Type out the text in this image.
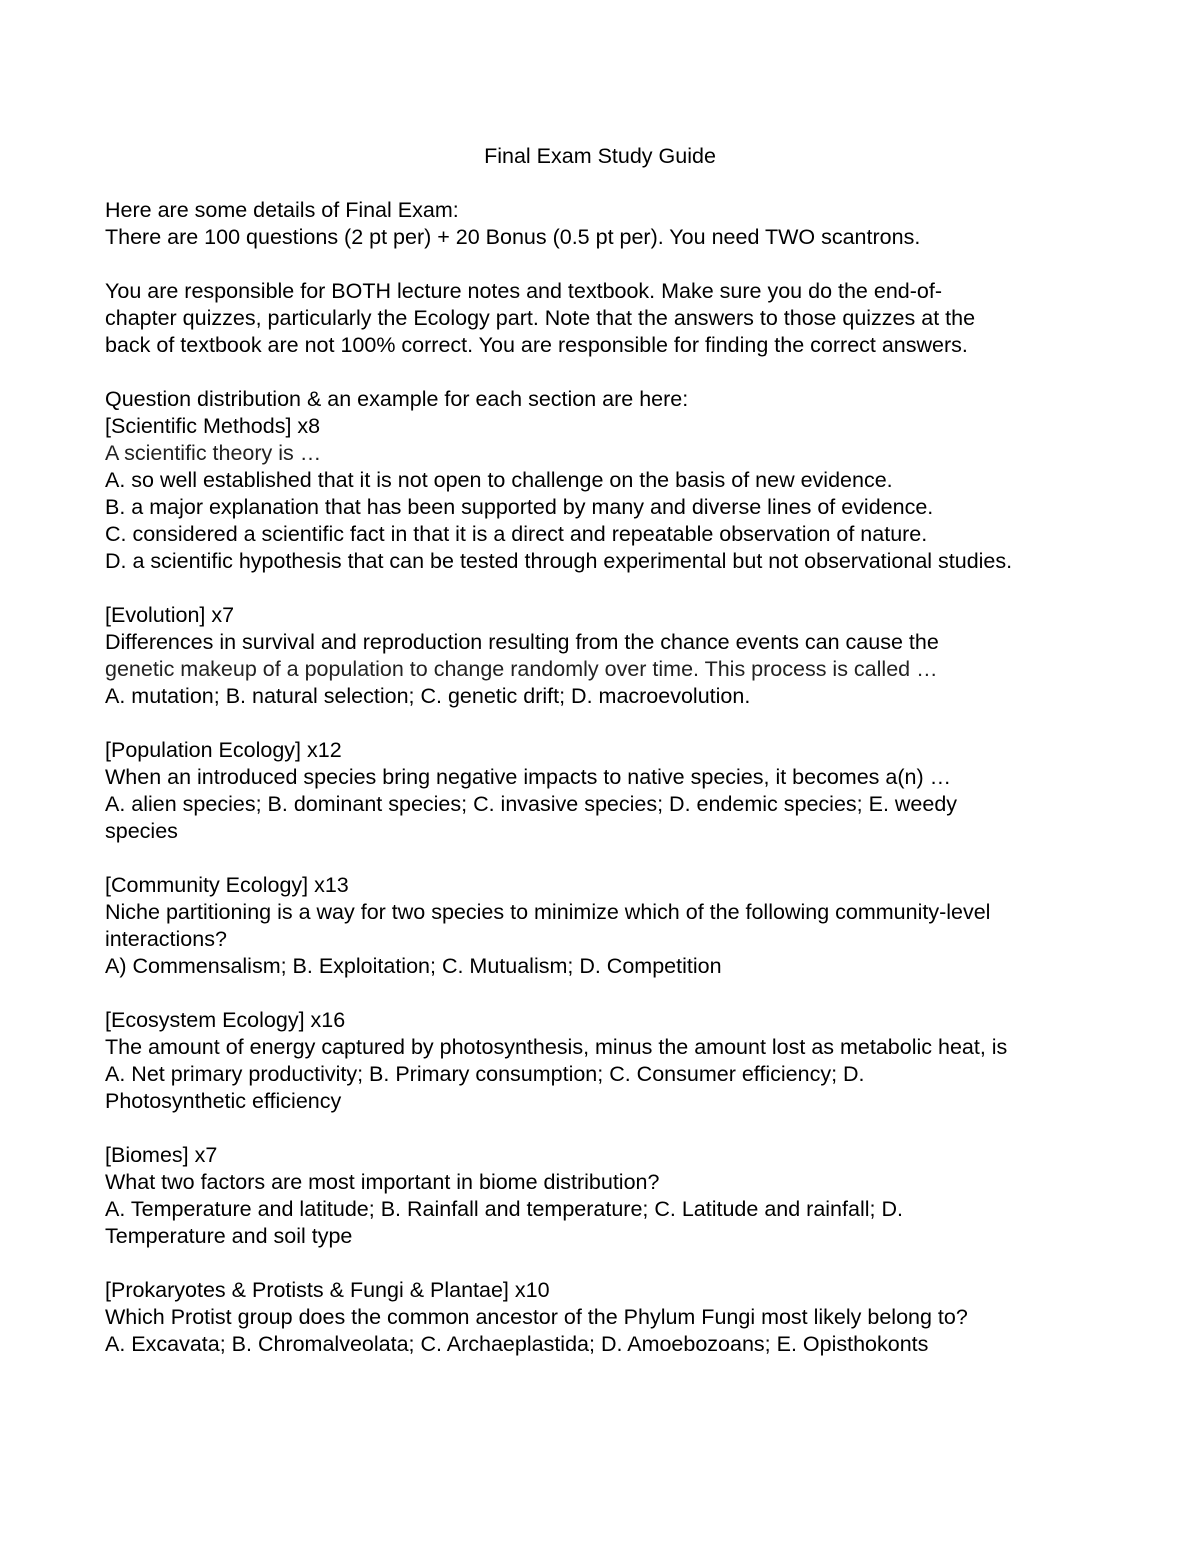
Final Exam Study Guide
Here are some details of Final Exam:
There are 100 questions (2 pt per) + 20 Bonus (0.5 pt per). You need TWO scantrons.
You are responsible for BOTH lecture notes and textbook. Make sure you do the end-of-
chapter quizzes, particularly the Ecology part. Note that the answers to those quizzes at the
back of textbook are not 100% correct. You are responsible for finding the correct answers.
Question distribution & an example for each section are here:
[Scientific Methods] x8
A scientific theory is …
A. so well established that it is not open to challenge on the basis of new evidence.
B. a major explanation that has been supported by many and diverse lines of evidence.
C. considered a scientific fact in that it is a direct and repeatable observation of nature.
D. a scientific hypothesis that can be tested through experimental but not observational studies.
[Evolution] x7
Differences in survival and reproduction resulting from the chance events can cause the
genetic makeup of a population to change randomly over time. This process is called …
A. mutation; B. natural selection; C. genetic drift; D. macroevolution.
[Population Ecology] x12
When an introduced species bring negative impacts to native species, it becomes a(n) …
A. alien species; B. dominant species; C. invasive species; D. endemic species; E. weedy
species
[Community Ecology] x13
Niche partitioning is a way for two species to minimize which of the following community-level
interactions?
A) Commensalism; B. Exploitation; C. Mutualism; D. Competition
[Ecosystem Ecology] x16
The amount of energy captured by photosynthesis, minus the amount lost as metabolic heat, is
A. Net primary productivity; B. Primary consumption; C. Consumer efficiency; D.
Photosynthetic efficiency
[Biomes] x7
What two factors are most important in biome distribution?
A. Temperature and latitude; B. Rainfall and temperature; C. Latitude and rainfall; D.
Temperature and soil type
[Prokaryotes & Protists & Fungi & Plantae] x10
Which Protist group does the common ancestor of the Phylum Fungi most likely belong to?
A. Excavata; B. Chromalveolata; C. Archaeplastida; D. Amoebozoans; E. Opisthokonts
